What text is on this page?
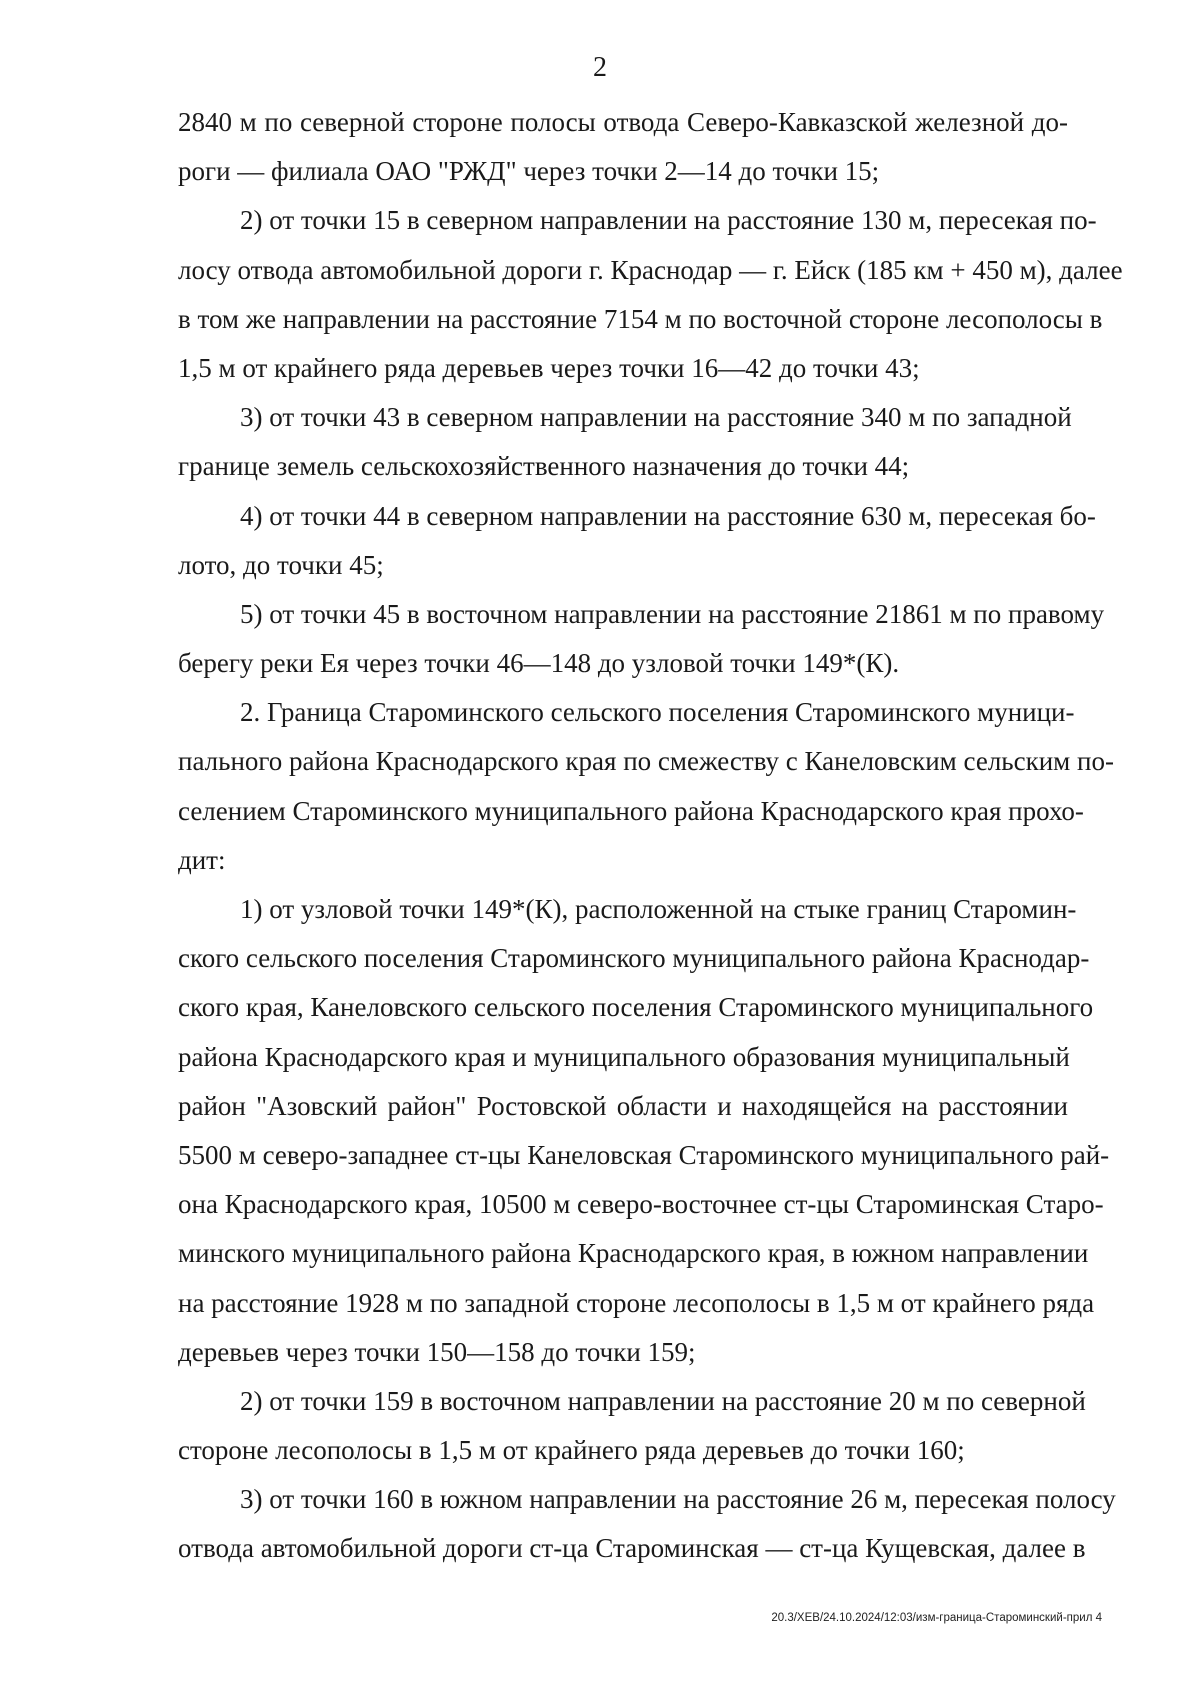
2
2840 м по северной стороне полосы отвода Северо-Кавказской железной до-
роги — филиала ОАО "РЖД" через точки 2—14 до точки 15;
2) от точки 15 в северном направлении на расстояние 130 м, пересекая по-
лосу отвода автомобильной дороги г. Краснодар — г. Ейск (185 км + 450 м), далее
в том же направлении на расстояние 7154 м по восточной стороне лесополосы в
1,5 м от крайнего ряда деревьев через точки 16—42 до точки 43;
3) от точки 43 в северном направлении на расстояние 340 м по западной
границе земель сельскохозяйственного назначения до точки 44;
4) от точки 44 в северном направлении на расстояние 630 м, пересекая бо-
лото, до точки 45;
5) от точки 45 в восточном направлении на расстояние 21861 м по правому
берегу реки Ея через точки 46—148 до узловой точки 149*(К).
2. Граница Староминского сельского поселения Староминского муници-
пального района Краснодарского края по смежеству с Канеловским сельским по-
селением Староминского муниципального района Краснодарского края прохо-
дит:
1) от узловой точки 149*(К), расположенной на стыке границ Старомин-
ского сельского поселения Староминского муниципального района Краснодар-
ского края, Канеловского сельского поселения Староминского муниципального
района Краснодарского края и муниципального образования муниципальный
район "Азовский район" Ростовской области и находящейся на расстоянии
5500 м северо-западнее ст-цы Канеловская Староминского муниципального рай-
она Краснодарского края, 10500 м северо-восточнее ст-цы Староминская Старо-
минского муниципального района Краснодарского края, в южном направлении
на расстояние 1928 м по западной стороне лесополосы в 1,5 м от крайнего ряда
деревьев через точки 150—158 до точки 159;
2) от точки 159 в восточном направлении на расстояние 20 м по северной
стороне лесополосы в 1,5 м от крайнего ряда деревьев до точки 160;
3) от точки 160 в южном направлении на расстояние 26 м, пересекая полосу
отвода автомобильной дороги ст-ца Староминская — ст-ца Кущевская, далее в
20.3/ХЕВ/24.10.2024/12:03/изм-граница-Староминский-прил 4
